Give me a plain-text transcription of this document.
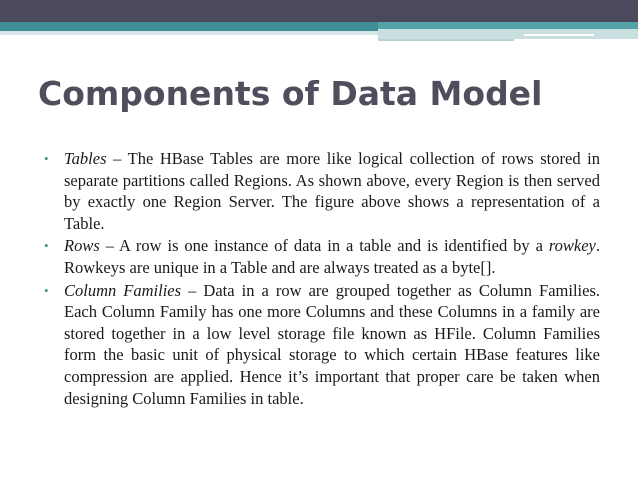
Components of Data Model
• Tables – The HBase Tables are more like logical collection of rows stored in separate partitions called Regions. As shown above, every Region is then served by exactly one Region Server. The figure above shows a representation of a Table.
• Rows – A row is one instance of data in a table and is identified by a rowkey. Rowkeys are unique in a Table and are always treated as a byte[].
• Column Families – Data in a row are grouped together as Column Families. Each Column Family has one more Columns and these Columns in a family are stored together in a low level storage file known as HFile. Column Families form the basic unit of physical storage to which certain HBase features like compression are applied. Hence it’s important that proper care be taken when designing Column Families in table.
